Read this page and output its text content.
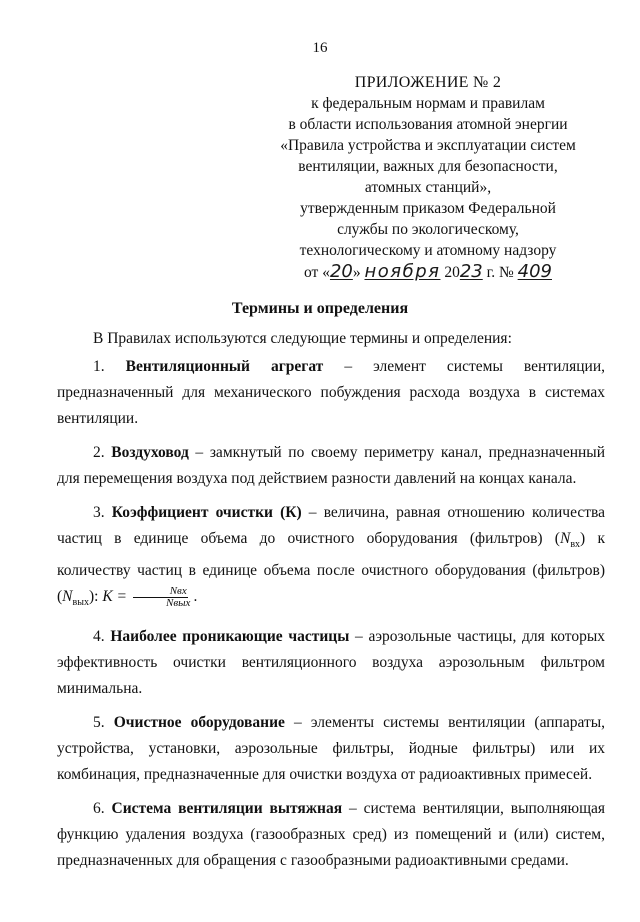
16
ПРИЛОЖЕНИЕ № 2
к федеральным нормам и правилам
в области использования атомной энергии
«Правила устройства и эксплуатации систем
вентиляции, важных для безопасности,
атомных станций»,
утвержденным приказом Федеральной
службы по экологическому,
технологическому и атомному надзору
от «20» ноября 2023 г. № 409
Термины и определения

В Правилах используются следующие термины и определения:

1. Вентиляционный агрегат – элемент системы вентиляции, предназначенный для механического побуждения расхода воздуха в системах вентиляции.

2. Воздуховод – замкнутый по своему периметру канал, предназначенный для перемещения воздуха под действием разности давлений на концах канала.

3. Коэффициент очистки (К) – величина, равная отношению количества частиц в единице объема до очистного оборудования (фильтров) $(N_{вх})$ к количеству частиц в единице объема после очистного оборудования (фильтров) $(N_{вых})$: $K = \frac{\text{Nвх}}{\text{Nвых}}$ .

4. Наиболее проникающие частицы – аэрозольные частицы, для которых эффективность очистки вентиляционного воздуха аэрозольным фильтром минимальна.

5. Очистное оборудование – элементы системы вентиляции (аппараты, устройства, установки, аэрозольные фильтры, йодные фильтры) или их комбинация, предназначенные для очистки воздуха от радиоактивных примесей.

6. Система вентиляции вытяжная – система вентиляции, выполняющая функцию удаления воздуха (газообразных сред) из помещений и (или) систем, предназначенных для обращения с газообразными радиоактивными средами.
